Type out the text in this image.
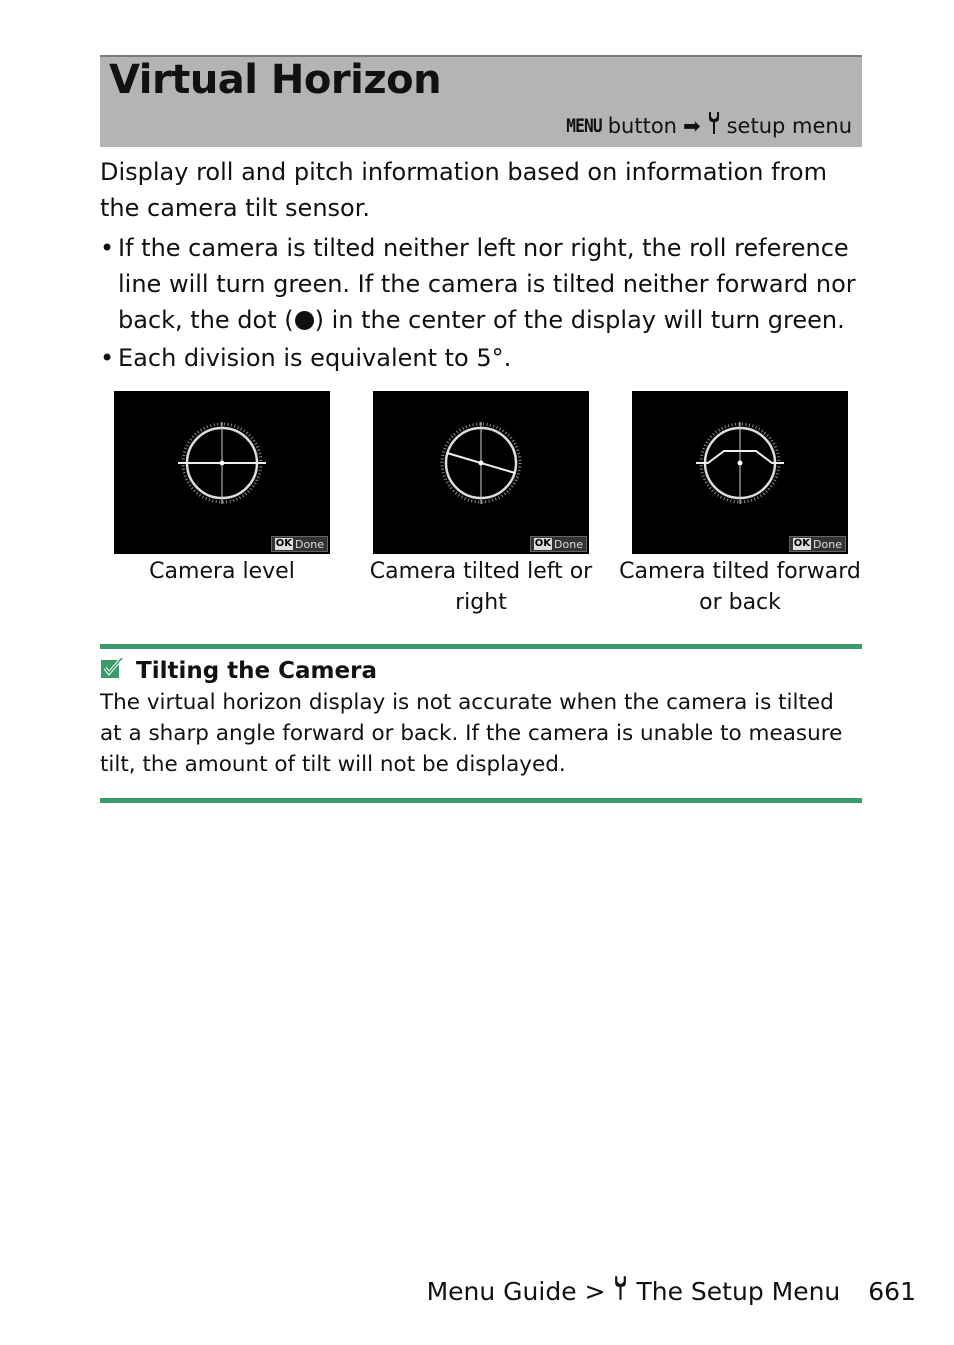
Virtual Horizon
MENU button ➡ setup menu
Display roll and pitch information based on information from the camera tilt sensor.
• If the camera is tilted neither left nor right, the roll reference line will turn green. If the camera is tilted neither forward nor back, the dot ( ) in the center of the display will turn green.
• Each division is equivalent to 5°.
OK Done
Camera level
OK Done
Camera tilted left or right
OK Done
Camera tilted forward or back
Tilting the Camera
The virtual horizon display is not accurate when the camera is tilted at a sharp angle forward or back. If the camera is unable to measure tilt, the amount of tilt will not be displayed.
Menu Guide > The Setup Menu 661
